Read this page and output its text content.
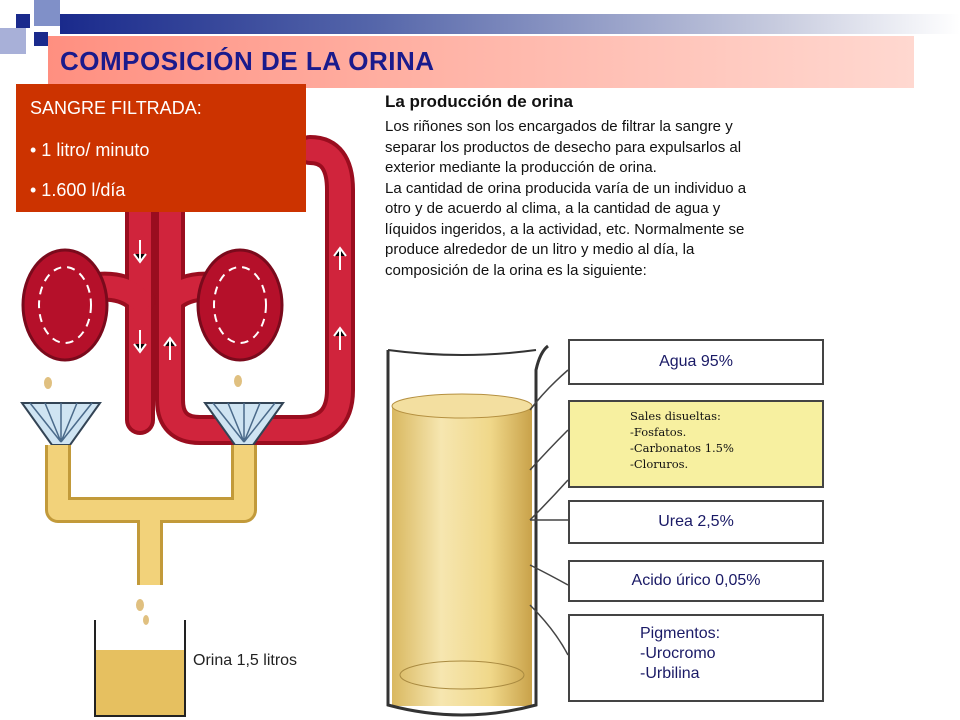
COMPOSICIÓN DE LA ORINA
SANGRE FILTRADA:
• 1 litro/ minuto
• 1.600 l/día
La producción de orina
Los riñones son los encargados de filtrar la sangre y
separar los productos de desecho para expulsarlos al
exterior mediante la producción de orina.
La cantidad de orina producida varía de un individuo a
otro y de acuerdo al clima, a la cantidad de agua y
líquidos ingeridos, a la actividad, etc. Normalmente se
produce alrededor de un litro y medio al día, la
composición de la orina es la siguiente:
Agua 95%
Sales disueltas:
-Fosfatos.
-Carbonatos 1.5%
-Cloruros.
Urea 2,5%
Acido úrico 0,05%
Pigmentos:
-Urocromo
-Urbilina
Orina 1,5 litros
